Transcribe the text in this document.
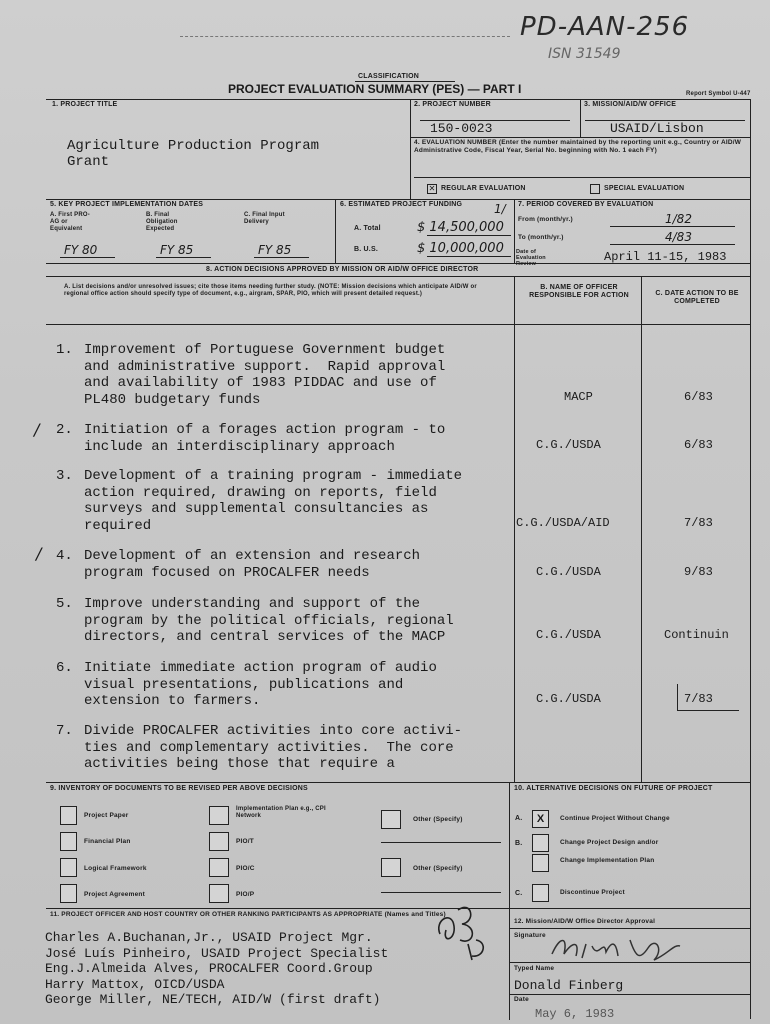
PD-AAN-256
ISN 31549
CLASSIFICATION
PROJECT EVALUATION SUMMARY (PES) — PART I	Report Symbol U-447
1. PROJECT TITLE
Agriculture Production Program
Grant
2. PROJECT NUMBER
150-0023
3. MISSION/AID/W OFFICE
USAID/Lisbon
4. EVALUATION NUMBER (Enter the number maintained by the reporting unit e.g., Country or AID/W Administrative Code, Fiscal Year, Serial No. beginning with No. 1 each FY)
✕ REGULAR EVALUATION	SPECIAL EVALUATION
5. KEY PROJECT IMPLEMENTATION DATES
A. First PRO-AG or Equivalent
FY 80
B. Final Obligation Expected
FY 85
C. Final Input Delivery
FY 85
6. ESTIMATED PROJECT FUNDING	1/
A. Total	$ 14,500,000
B. U.S.	$ 10,000,000
7. PERIOD COVERED BY EVALUATION
From (month/yr.)	1/82
To (month/yr.)	4/83
Date of Evaluation Review	April 11-15, 1983
8. ACTION DECISIONS APPROVED BY MISSION OR AID/W OFFICE DIRECTOR
A. List decisions and/or unresolved issues; cite those items needing further study. (NOTE: Mission decisions which anticipate AID/W or regional office action should specify type of document, e.g., airgram, SPAR, PIO, which will present detailed request.)
B. NAME OF OFFICER RESPONSIBLE FOR ACTION	C. DATE ACTION TO BE COMPLETED
1. Improvement of Portuguese Government budget
and administrative support.  Rapid approval
and availability of 1983 PIDDAC and use of
PL480 budgetary funds	MACP	6/83
2. Initiation of a forages action program - to
include an interdisciplinary approach	C.G./USDA	6/83
3. Development of a training program - immediate
action required, drawing on reports, field
surveys and supplemental consultancies as
required	C.G./USDA/AID	7/83
4. Development of an extension and research
program focused on PROCALFER needs	C.G./USDA	9/83
5. Improve understanding and support of the
program by the political officials, regional
directors, and central services of the MACP	C.G./USDA	Continuin
6. Initiate immediate action program of audio
visual presentations, publications and
extension to farmers.	C.G./USDA	7/83
7. Divide PROCALFER activities into core activi-
ties and complementary activities.  The core
activities being those that require a
9. INVENTORY OF DOCUMENTS TO BE REVISED PER ABOVE DECISIONS	10. ALTERNATIVE DECISIONS ON FUTURE OF PROJECT
Project Paper
Financial Plan
Logical Framework
Project Agreement
Implementation Plan e.g., CPI Network
PIO/T
PIO/C
PIO/P
Other (Specify)
Other (Specify)
A.	X	Continue Project Without Change
B.	Change Project Design and/or
Change Implementation Plan
C.	Discontinue Project
11. PROJECT OFFICER AND HOST COUNTRY OR OTHER RANKING PARTICIPANTS AS APPROPRIATE (Names and Titles)
Charles A.Buchanan,Jr., USAID Project Mgr.
José Luís Pinheiro, USAID Project Specialist
Eng.J.Almeida Alves, PROCALFER Coord.Group
Harry Mattox, OICD/USDA
George Miller, NE/TECH, AID/W (first draft)
12. Mission/AID/W Office Director Approval
Signature
Typed Name
Donald Finberg
Date
May 6, 1983
/
/
